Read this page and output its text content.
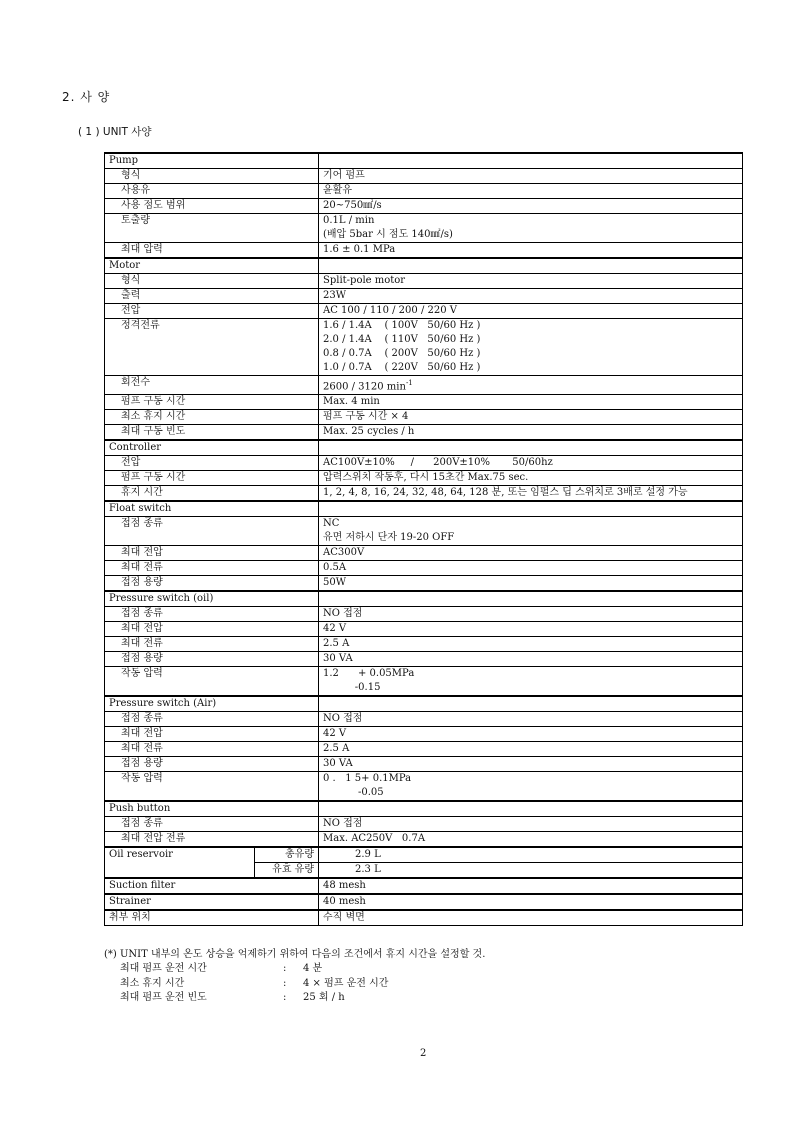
2. 사 양
( 1 ) UNIT 사양
Pump		
형식		기어 펌프

사용유		윤활유

사용 점도 범위		20~750㎟/s

토출량		0.1L / min
(배압 5bar 시 점도 140㎟/s)

최대 압력		1.6 ± 0.1 MPa

Motor		
형식		Split-pole motor

출력		23W

전압		AC 100 / 110 / 200 / 220 V

정격전류		1.6 / 1.4A    ( 100V   50/60 Hz )
2.0 / 1.4A    ( 110V   50/60 Hz )
0.8 / 0.7A    ( 200V   50/60 Hz )
1.0 / 0.7A    ( 220V   50/60 Hz )

회전수		2600 / 3120 $\min^{-1}$

펌프 구동 시간		Max. 4 min

최소 휴지 시간		펌프 구동 시간 × 4

최대 구동 빈도		Max. 25 cycles / h

Controller		
전압		AC100V±10%     /      200V±10%       50/60hz

펌프 구동 시간		압력스위치 작동후, 다시 15초간 Max.75 sec.

휴지 시간		1, 2, 4, 8, 16, 24, 32, 48, 64, 128 분, 또는 임펄스 딥 스위치로 3배로 설정 가능

Float switch		
접점 종류		NC
유면 저하시 단자 19-20 OFF

최대 전압		AC300V

최대 전류		0.5A

접점 용량		50W

Pressure switch (oil)		
접점 종류		NO 접점

최대 전압		42 V

최대 전류		2.5 A

접점 용량		30 VA

작동 압력		1.2      + 0.05MPa
-0.15

Pressure switch (Air)		
접점 종류		NO 접점

최대 전압		42 V

최대 전류		2.5 A

접점 용량		30 VA

작동 압력		0 .   1 5+ 0.1MPa
-0.05

Push button		
접점 종류		NO 접점

최대 전압 전류		Max. AC250V   0.7A

Oil reservoir	총유량	2.9 L
	유효 유량	2.3 L
Suction filter		48 mesh
Strainer		40 mesh
취부 위치		수직 벽면
(*) UNIT 내부의 온도 상승을 억제하기 위하여 다음의 조건에서 휴지 시간을 설정할 것.
최대 펌프 운전 시간	: 4 분
최소 휴지 시간	: 4 × 펌프 운전 시간
최대 펌프 운전 빈도	: 25 회 / h
2
